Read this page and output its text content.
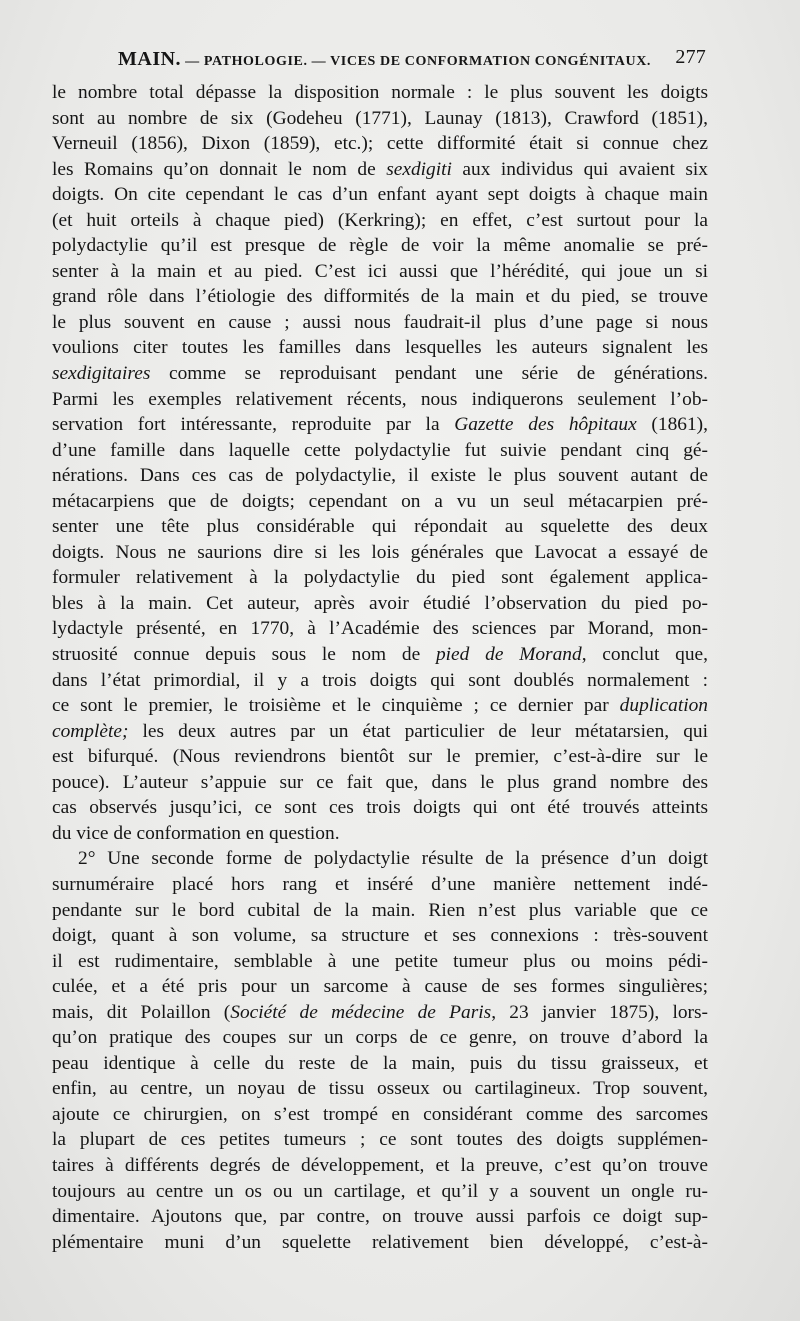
MAIN. — PATHOLOGIE. — VICES DE CONFORMATION CONGÉNITAUX. 277
le nombre total dépasse la disposition normale : le plus souvent les doigts
sont au nombre de six (Godeheu (1771), Launay (1813), Crawford (1851),
Verneuil (1856), Dixon (1859), etc.); cette difformité était si connue chez
les Romains qu’on donnait le nom de sexdigiti aux individus qui avaient six
doigts. On cite cependant le cas d’un enfant ayant sept doigts à chaque main
(et huit orteils à chaque pied) (Kerkring); en effet, c’est surtout pour la
polydactylie qu’il est presque de règle de voir la même anomalie se pré-
senter à la main et au pied. C’est ici aussi que l’hérédité, qui joue un si
grand rôle dans l’étiologie des difformités de la main et du pied, se trouve
le plus souvent en cause ; aussi nous faudrait-il plus d’une page si nous
voulions citer toutes les familles dans lesquelles les auteurs signalent les
sexdigitaires comme se reproduisant pendant une série de générations.
Parmi les exemples relativement récents, nous indiquerons seulement l’ob-
servation fort intéressante, reproduite par la Gazette des hôpitaux (1861),
d’une famille dans laquelle cette polydactylie fut suivie pendant cinq gé-
nérations. Dans ces cas de polydactylie, il existe le plus souvent autant de
métacarpiens que de doigts; cependant on a vu un seul métacarpien pré-
senter une tête plus considérable qui répondait au squelette des deux
doigts. Nous ne saurions dire si les lois générales que Lavocat a essayé de
formuler relativement à la polydactylie du pied sont également applica-
bles à la main. Cet auteur, après avoir étudié l’observation du pied po-
lydactyle présenté, en 1770, à l’Académie des sciences par Morand, mon-
struosité connue depuis sous le nom de pied de Morand, conclut que,
dans l’état primordial, il y a trois doigts qui sont doublés normalement :
ce sont le premier, le troisième et le cinquième ; ce dernier par duplication
complète; les deux autres par un état particulier de leur métatarsien, qui
est bifurqué. (Nous reviendrons bientôt sur le premier, c’est-à-dire sur le
pouce). L’auteur s’appuie sur ce fait que, dans le plus grand nombre des
cas observés jusqu’ici, ce sont ces trois doigts qui ont été trouvés atteints
du vice de conformation en question.
2° Une seconde forme de polydactylie résulte de la présence d’un doigt
surnuméraire placé hors rang et inséré d’une manière nettement indé-
pendante sur le bord cubital de la main. Rien n’est plus variable que ce
doigt, quant à son volume, sa structure et ses connexions : très-souvent
il est rudimentaire, semblable à une petite tumeur plus ou moins pédi-
culée, et a été pris pour un sarcome à cause de ses formes singulières;
mais, dit Polaillon (Société de médecine de Paris, 23 janvier 1875), lors-
qu’on pratique des coupes sur un corps de ce genre, on trouve d’abord la
peau identique à celle du reste de la main, puis du tissu graisseux, et
enfin, au centre, un noyau de tissu osseux ou cartilagineux. Trop souvent,
ajoute ce chirurgien, on s’est trompé en considérant comme des sarcomes
la plupart de ces petites tumeurs ; ce sont toutes des doigts supplémen-
taires à différents degrés de développement, et la preuve, c’est qu’on trouve
toujours au centre un os ou un cartilage, et qu’il y a souvent un ongle ru-
dimentaire. Ajoutons que, par contre, on trouve aussi parfois ce doigt sup-
plémentaire muni d’un squelette relativement bien développé, c’est-à-
